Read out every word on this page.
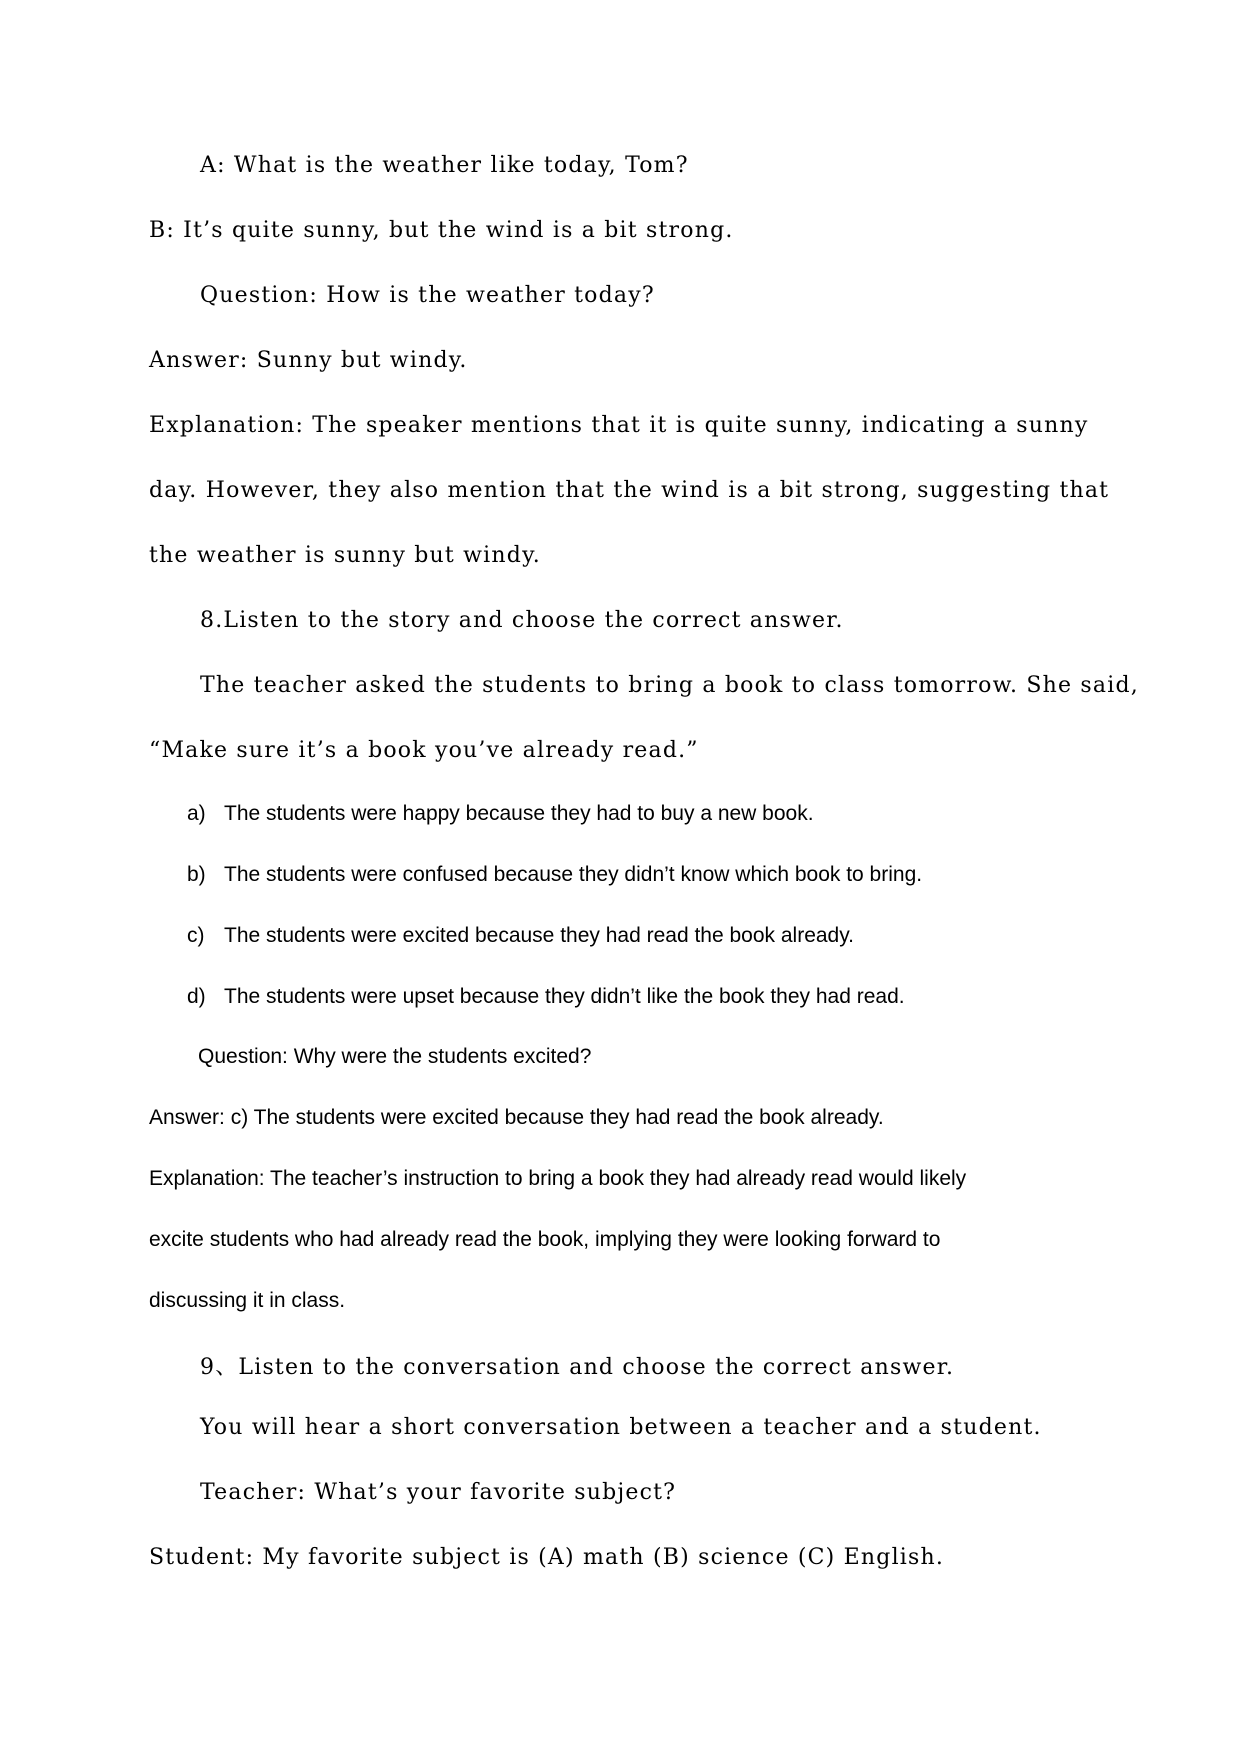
A: What is the weather like today, Tom?

B: It’s quite sunny, but the wind is a bit strong.

Question: How is the weather today?

Answer: Sunny but windy.

Explanation: The speaker mentions that it is quite sunny, indicating a sunny

day. However, they also mention that the wind is a bit strong, suggesting that

the weather is sunny but windy.

8.Listen to the story and choose the correct answer.

The teacher asked the students to bring a book to class tomorrow. She said,

“Make sure it’s a book you’ve already read.”

a) The students were happy because they had to buy a new book.
b) The students were confused because they didn’t know which book to bring.
c) The students were excited because they had read the book already.
d) The students were upset because they didn’t like the book they had read.

Question: Why were the students excited?

Answer: c) The students were excited because they had read the book already.

Explanation: The teacher’s instruction to bring a book they had already read would likely

excite students who had already read the book, implying they were looking forward to

discussing it in class.

9、Listen to the conversation and choose the correct answer.

You will hear a short conversation between a teacher and a student.

Teacher: What’s your favorite subject?

Student: My favorite subject is (A) math (B) science (C) English.
